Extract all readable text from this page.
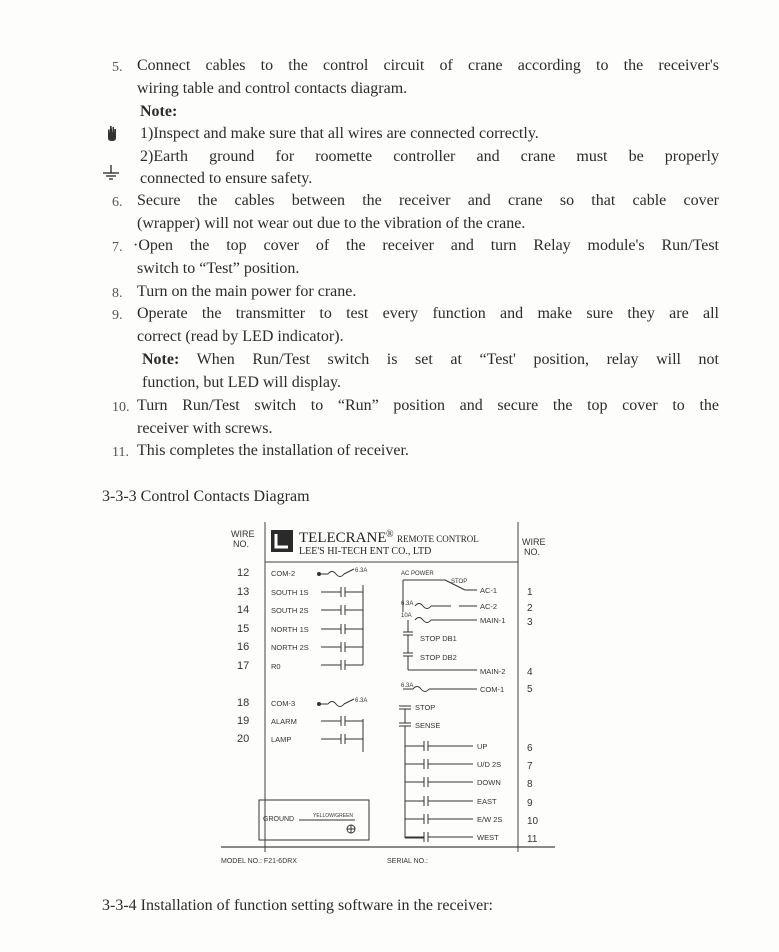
5. Connect cables to the control circuit of crane according to the receiver's
wiring table and control contacts diagram.
Note:
1)Inspect and make sure that all wires are connected correctly.
2)Earth ground for roomette controller and crane must be properly
connected to ensure safety.
6. Secure the cables between the receiver and crane so that cable cover
(wrapper) will not wear out due to the vibration of the crane.
7. ·Open the top cover of the receiver and turn Relay module's Run/Test
switch to “Test” position.
8. Turn on the main power for crane.
9. Operate the transmitter to test every function and make sure they are all
correct (read by LED indicator).
Note: When Run/Test switch is set at “Test' position, relay will not
function, but LED will display.
10. Turn Run/Test switch to “Run” position and secure the top cover to the
receiver with screws.
11. This completes the installation of receiver.
3-3-3 Control Contacts Diagram
WIRE
NO.	WIRE
NO.
TELECRANE ® REMOTE CONTROL
LEE'S HI-TECH ENT CO., LTD
12
13
14
15
16
17
18
19
20
COM-2
SOUTH 1S
SOUTH 2S
NORTH 1S
NORTH 2S
R0
COM-3
ALARM
LAMP
6.3A
6.3A
AC POWER
STOP
6.3A
10A
6.3A
AC-1
AC-2
MAIN-1
STOP DB1
STOP DB2
MAIN-2
COM-1
STOP
SENSE
UP
U/D 2S
DOWN
EAST
E/W 2S
WEST
1
2
3
4
5
6
7
8
9
10
11
GROUND	YELLOW/GREEN
MODEL NO.: F21-6DRX	SERIAL NO.:
3-3-4 Installation of function setting software in the receiver:
